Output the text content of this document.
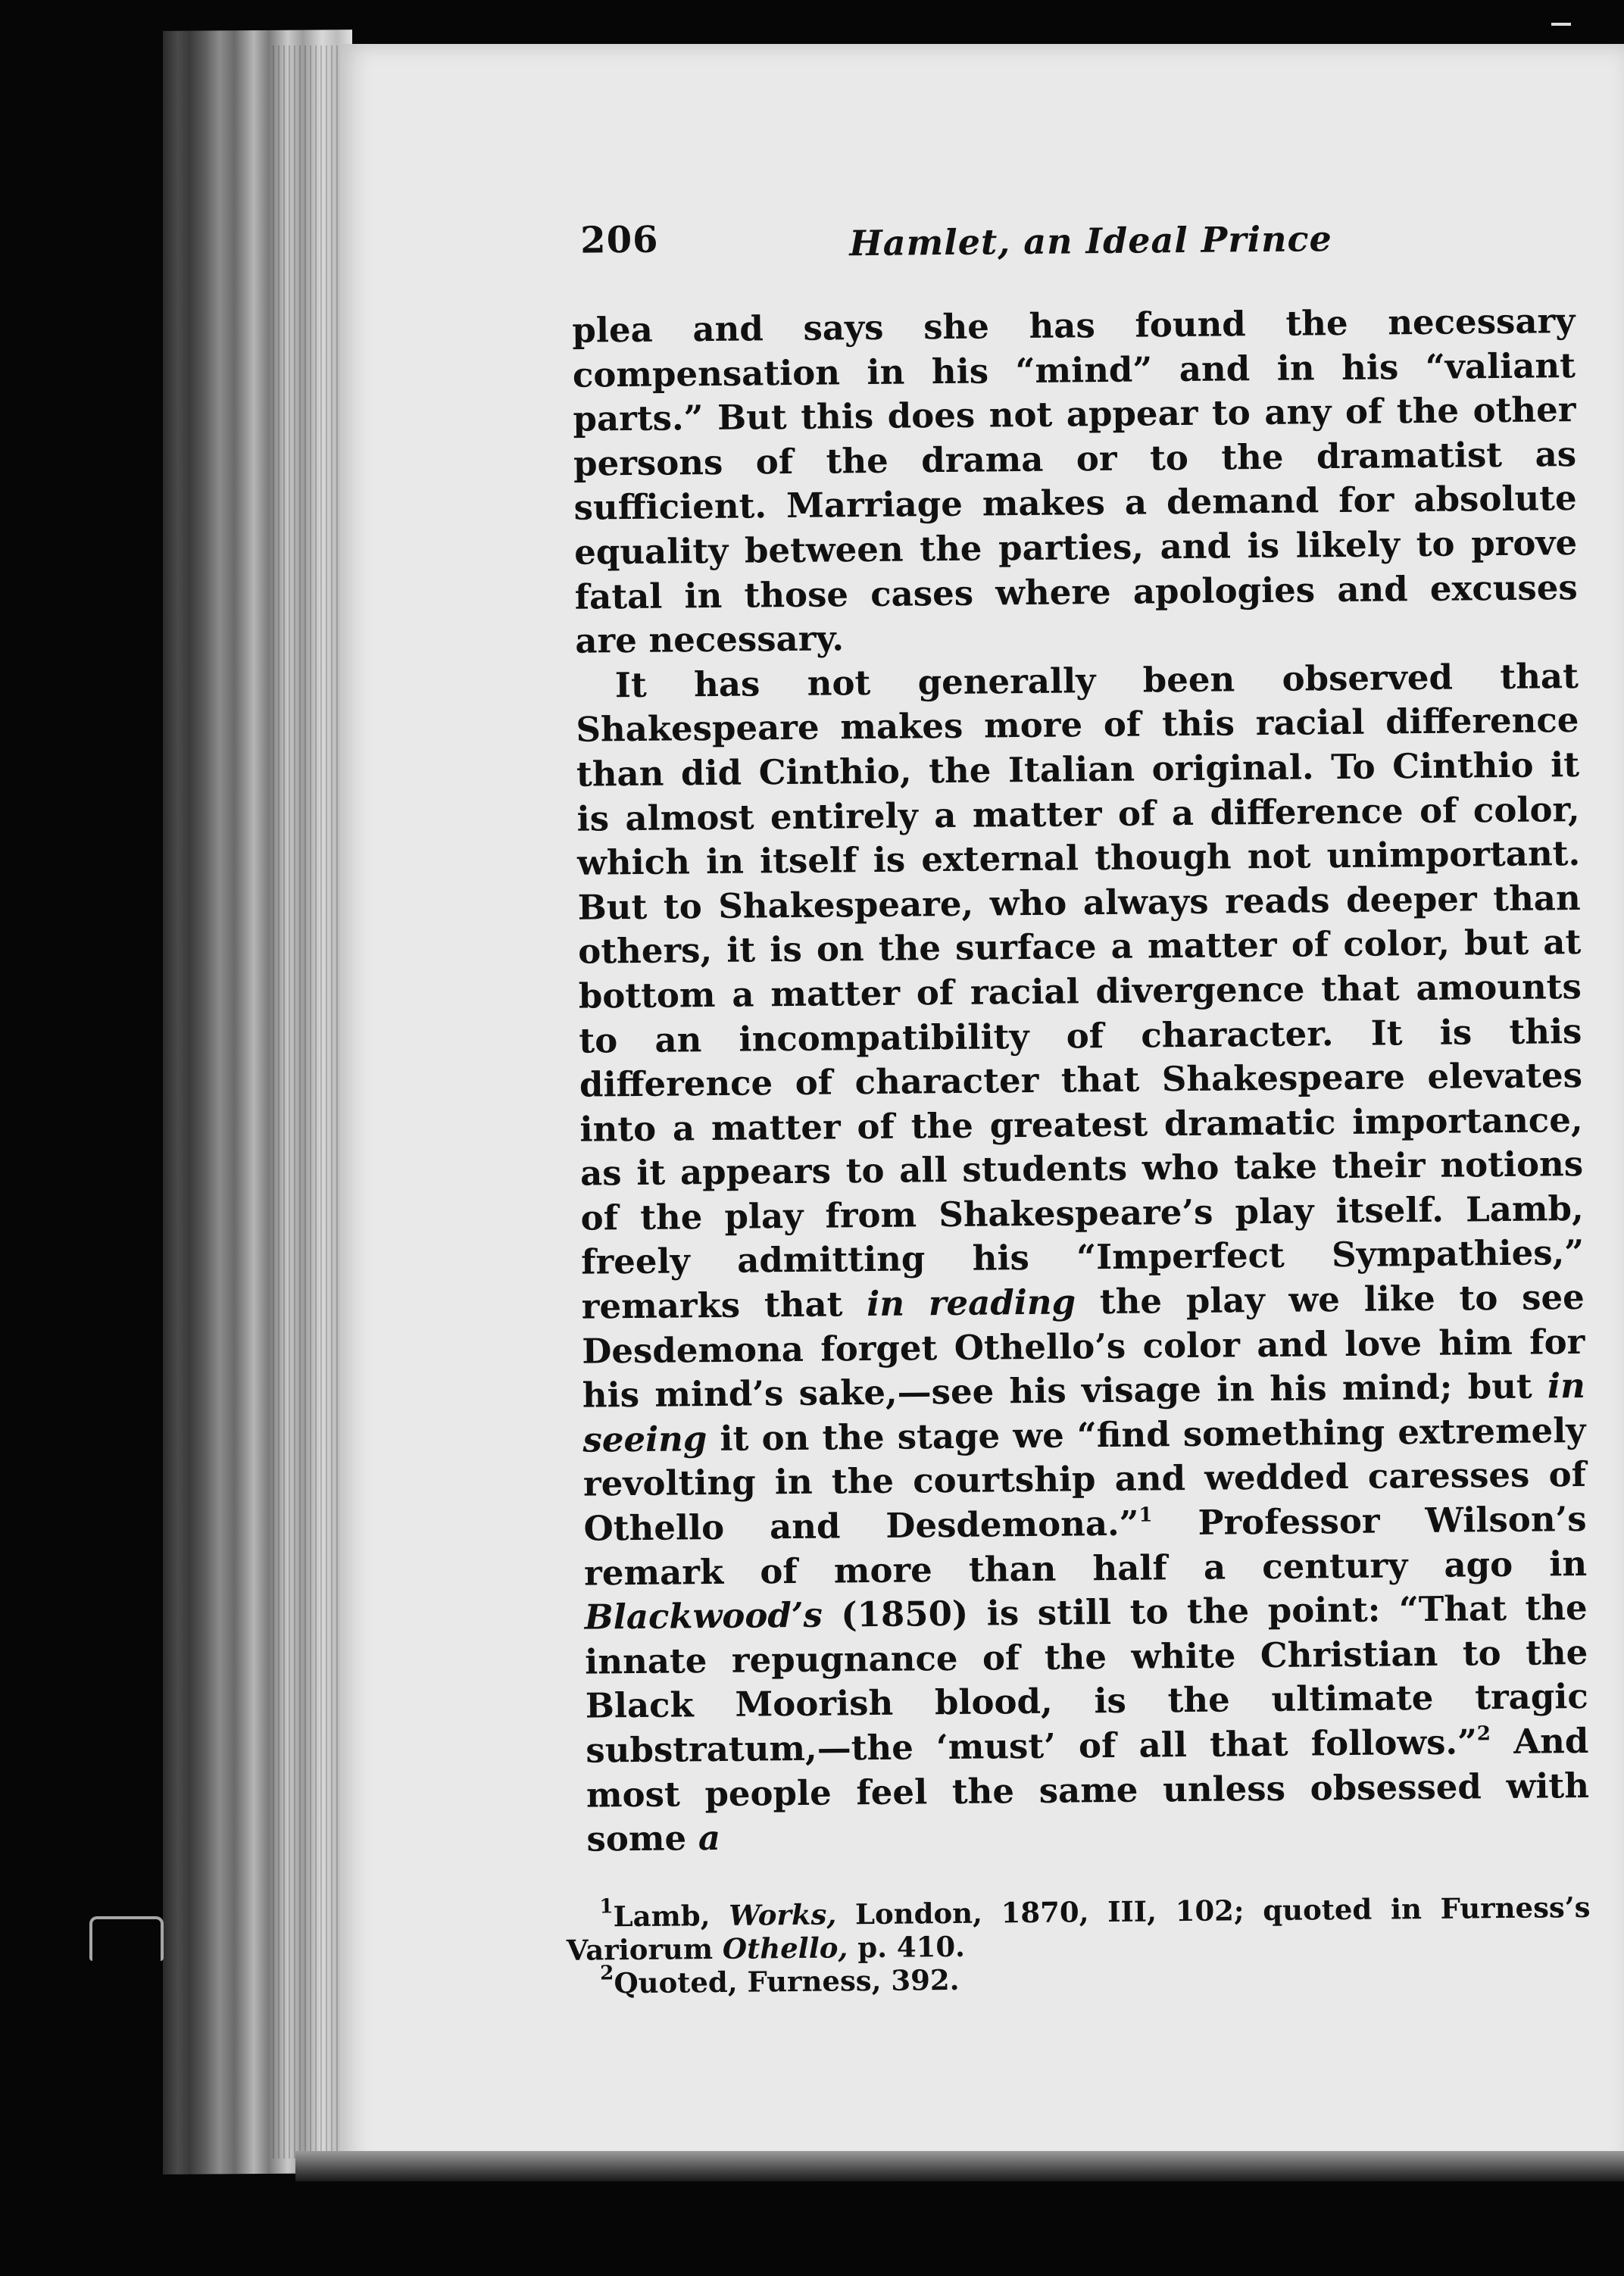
206	Hamlet, an Ideal Prince

plea and says she has found the necessary compensation in his “mind” and in his “valiant parts.” But this does not appear to any of the other persons of the drama or to the dramatist as sufficient. Marriage makes a demand for absolute equality between the parties, and is likely to prove fatal in those cases where apologies and excuses are necessary.

It has not generally been observed that Shakespeare makes more of this racial difference than did Cinthio, the Italian original. To Cinthio it is almost entirely a matter of a difference of color, which in itself is external though not unimportant. But to Shakespeare, who always reads deeper than others, it is on the surface a matter of color, but at bottom a matter of racial divergence that amounts to an incompatibility of character. It is this difference of character that Shakespeare elevates into a matter of the greatest dramatic importance, as it appears to all students who take their notions of the play from Shakespeare’s play itself. Lamb, freely admitting his “Imperfect Sympathies,” remarks that in reading the play we like to see Desdemona forget Othello’s color and love him for his mind’s sake,—see his visage in his mind; but in seeing it on the stage we “find something extremely revolting in the courtship and wedded caresses of Othello and Desdemona.”$^1$ Professor Wilson’s remark of more than half a century ago in Blackwood’s (1850) is still to the point: “That the innate repugnance of the white Christian to the Black Moorish blood, is the ultimate tragic substratum,—the ‘must’ of all that follows.”$^2$ And most people feel the same unless obsessed with some a

$^1$Lamb, Works, London, 1870, III, 102; quoted in Furness’s Variorum Othello, p. 410.

$^2$Quoted, Furness, 392.
